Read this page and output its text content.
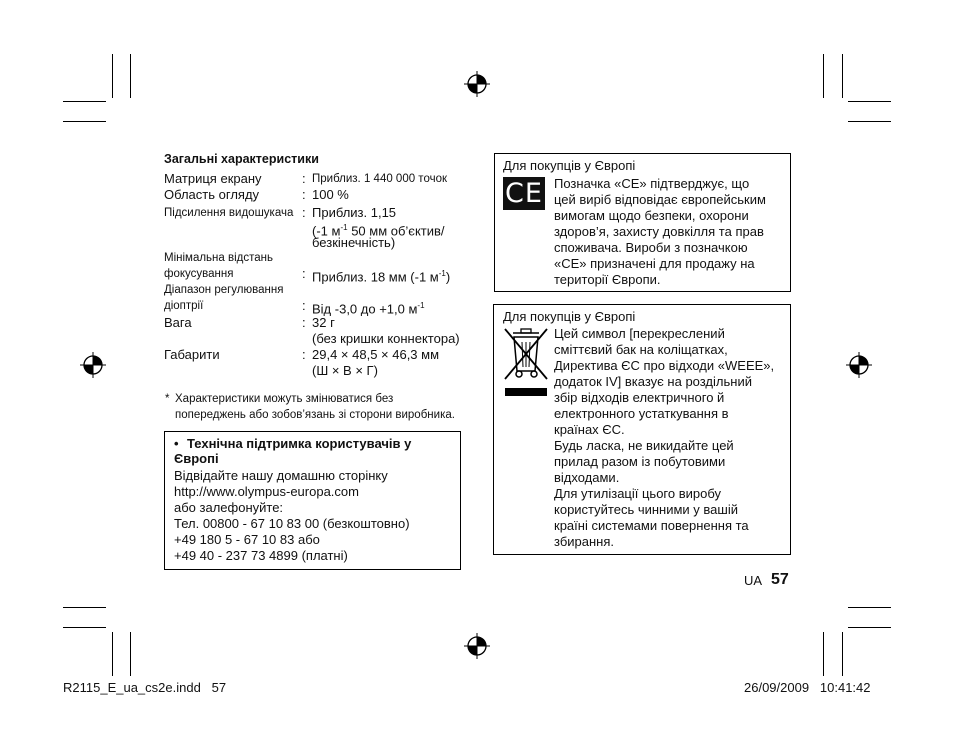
Загальні характеристики
Матриця екрану	: Приблиз. 1 440 000 точок
Область огляду	: 100 %
Підсилення видошукача : Приблиз. 1,15
(-1 $м^{-1}$ 50 мм об’єктив/
безкінечність)
Мінімальна відстань
фокусування	: Приблиз. 18 мм (-1 $м^{-1}$)
Діапазон регулювання
діоптрії	: Від -3,0 до +1,0 $м^{-1}$
Вага	: 32 г
(без кришки коннектора)
Габарити	: 29,4 × 48,5 × 46,3 мм
(Ш × В × Г)
* Характеристики можуть змінюватися без
попереджень або зобов’язань зі сторони виробника.
• Технічна підтримка користувачів у
Європі
Відвідайте нашу домашню сторінку
http://www.olympus-europa.com
або залефонуйте:
Тел. 00800 - 67 10 83 00 (безкоштовно)
+49 180 5 - 67 10 83 або
+49 40 - 237 73 4899 (платні)
Для покупців у Європі
CE Позначка «CE» підтверджує, що
цей виріб відповідає європейським
вимогам щодо безпеки, охорони
здоров’я, захисту довкілля та прав
споживача. Вироби з позначкою
«CE» призначені для продажу на
території Європи.
Для покупців у Європі
Цей символ [перекреслений
сміттєвий бак на коліщатках,
Директива ЄС про відходи «WEEE»,
додаток IV] вказує на роздільний
збір відходів електричного й
електронного устаткування в
країнах ЄС.
Будь ласка, не викидайте цей
прилад разом із побутовими
відходами.
Для утилізації цього виробу
користуйтесь чинними у вашій
країні системами повернення та
збирання.
UA 57
R2115_E_ua_cs2e.indd   57	26/09/2009   10:41:42
